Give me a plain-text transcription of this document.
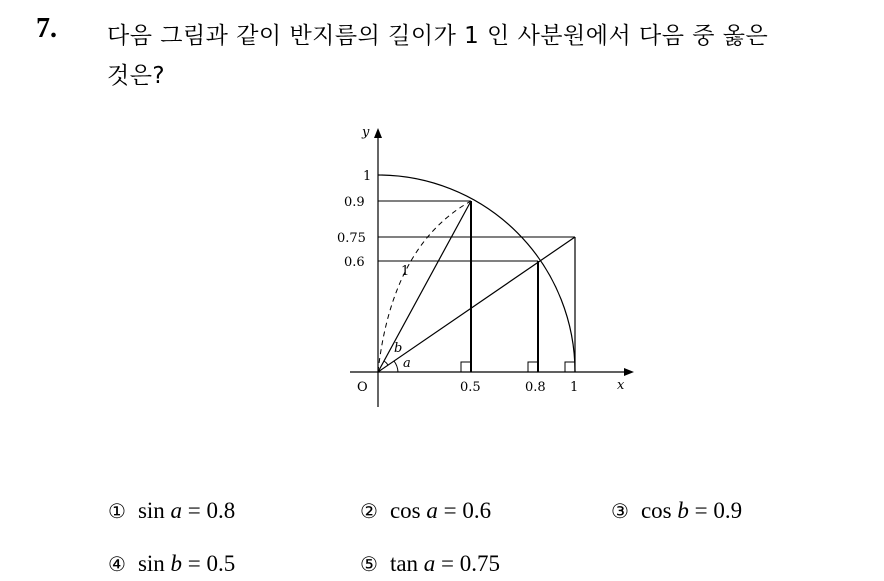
7. 다음 그림과 같이 반지름의 길이가 1 인 사분원에서 다음 중 옳은
것은?
y
x
O
1
0.9
0.75
0.6
0.5	0.8 1
1
a
b
① sin a = 0.8	② cos a = 0.6	③ cos b = 0.9
④ sin b = 0.5	⑤ tan a = 0.75
